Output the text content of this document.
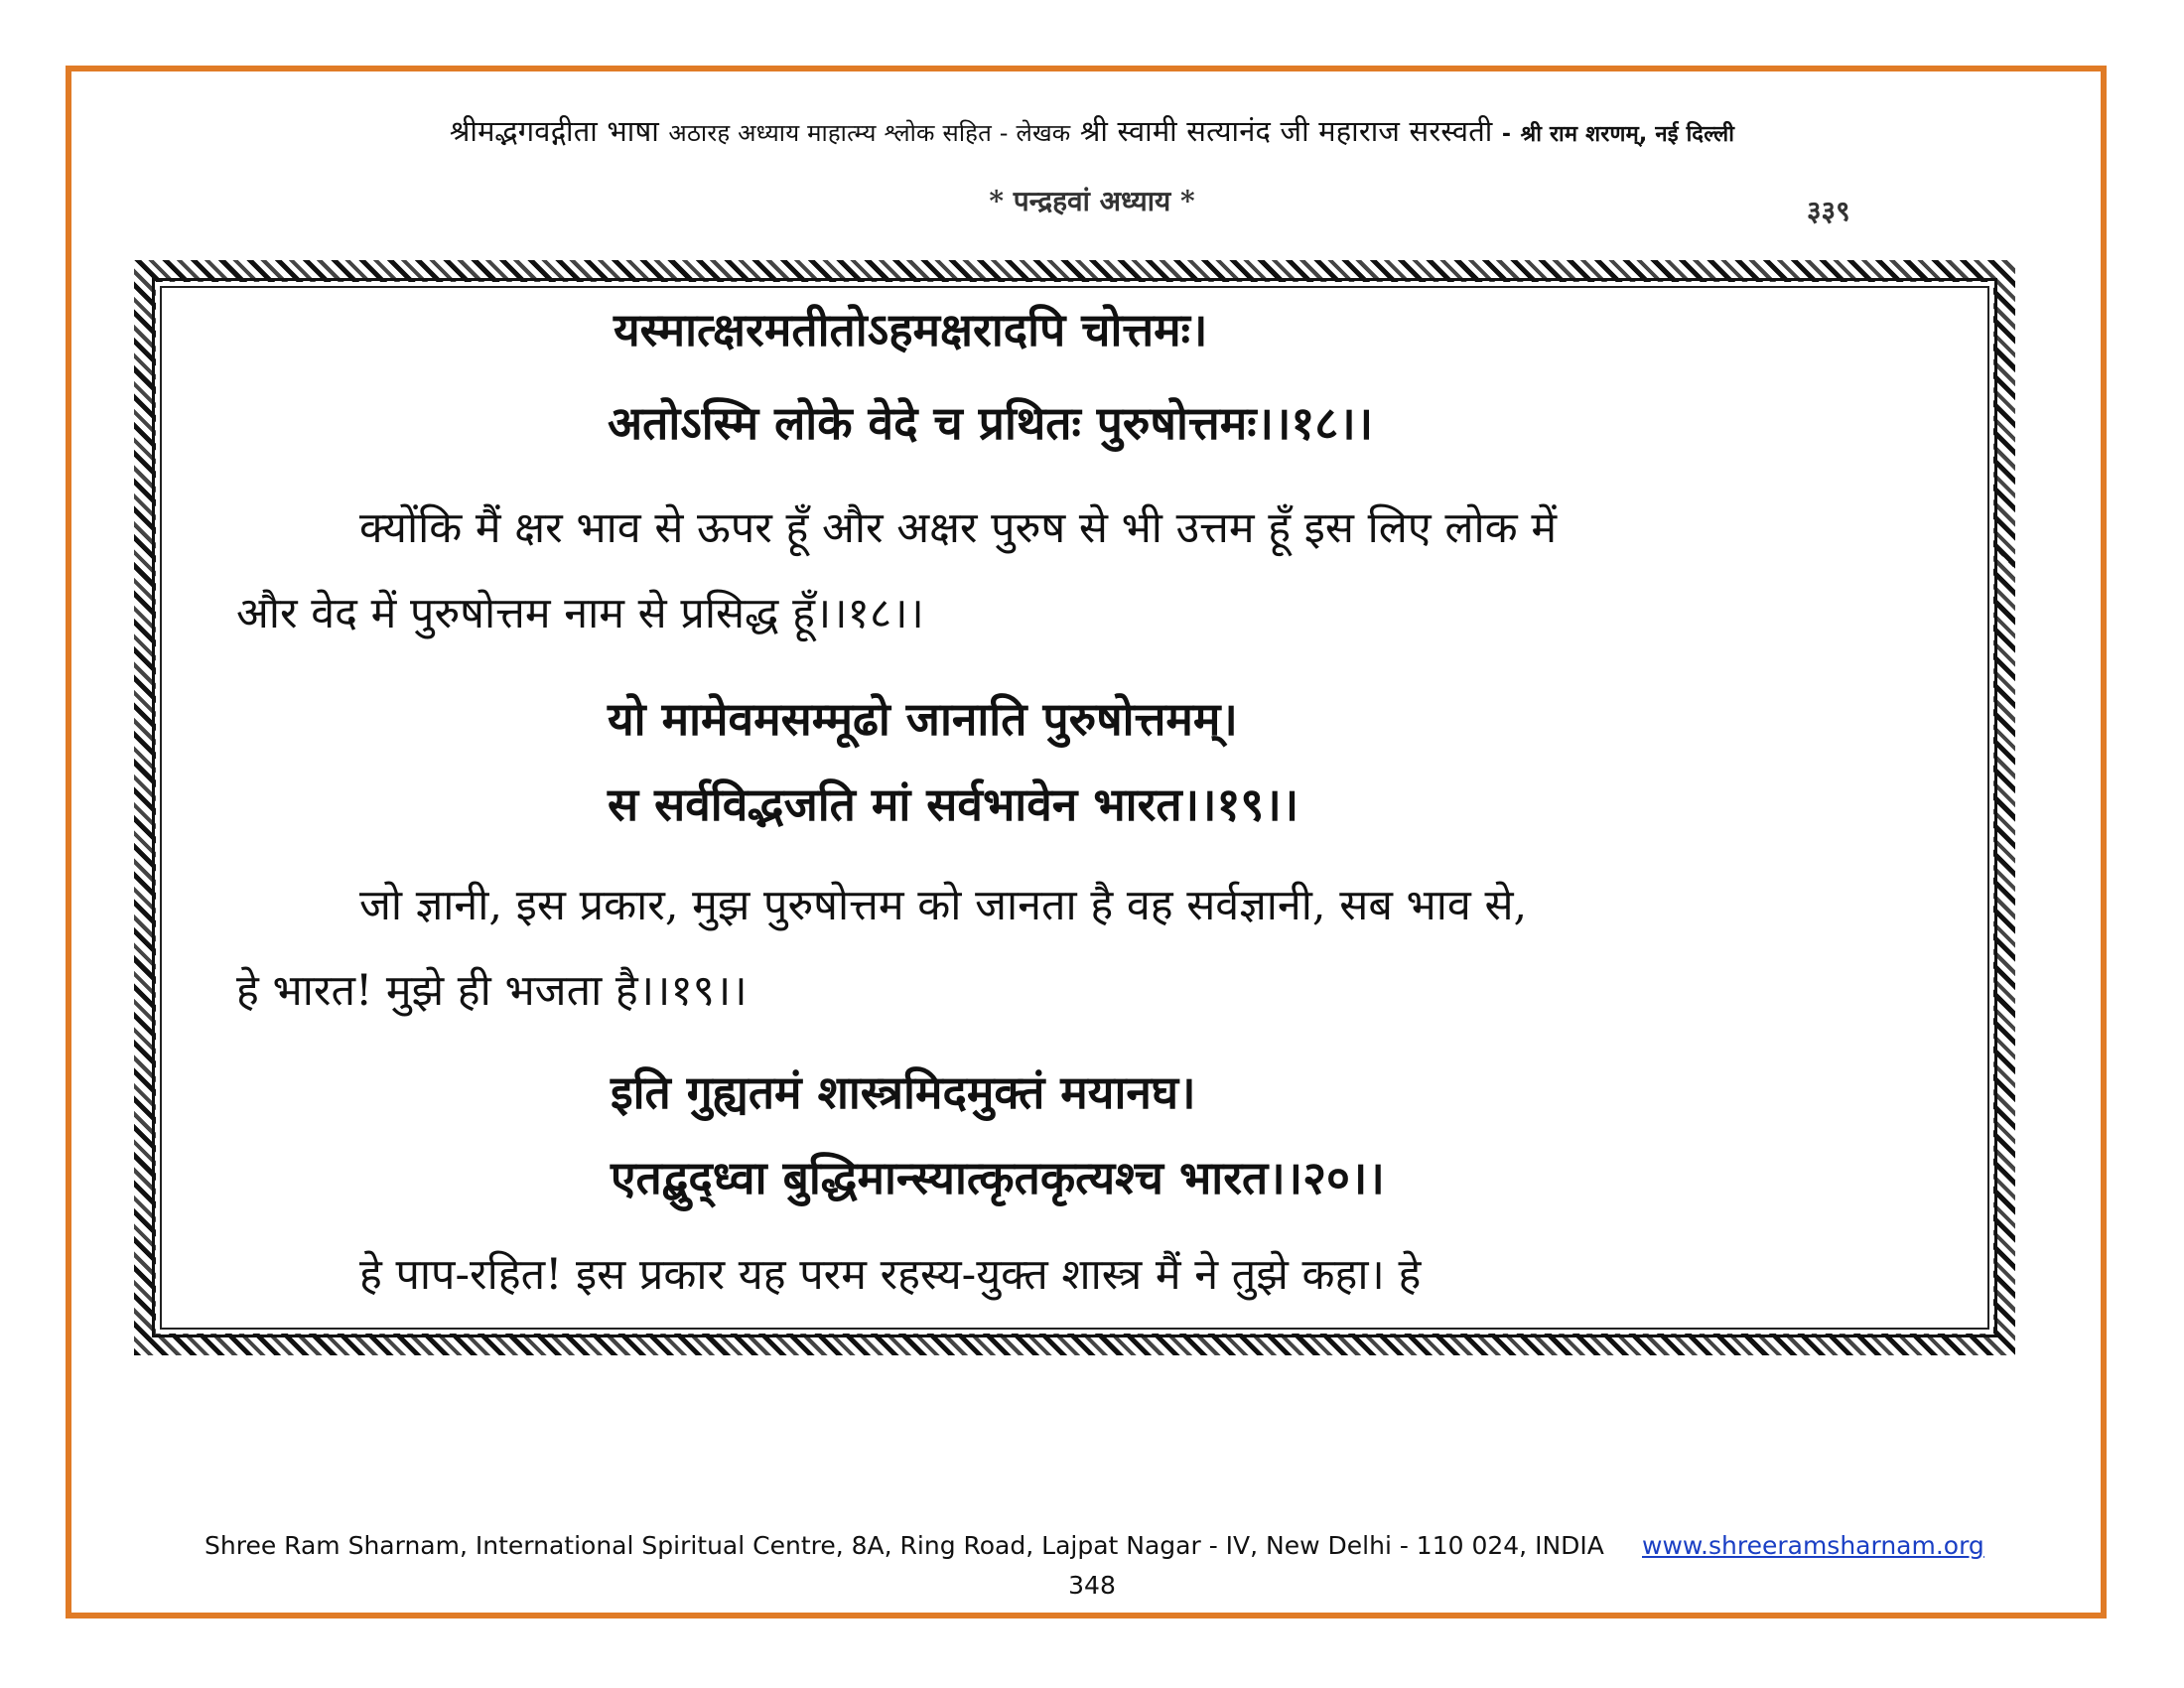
श्रीमद्भगवद्गीता भाषा अठारह अध्याय माहात्म्य श्लोक सहित - लेखक श्री स्वामी सत्यानंद जी महाराज सरस्वती - श्री राम शरणम्, नई दिल्ली
* पन्द्रहवां अध्याय *	३३९
यस्मात्क्षरमतीतोऽहमक्षरादपि चोत्तमः।
अतोऽस्मि लोके वेदे च प्रथितः पुरुषोत्तमः।।१८।।
क्योंकि मैं क्षर भाव से ऊपर हूँ और अक्षर पुरुष से भी उत्तम हूँ इस लिए लोक में
और वेद में पुरुषोत्तम नाम से प्रसिद्ध हूँ।।१८।।
यो मामेवमसम्मूढो जानाति पुरुषोत्तमम्।
स सर्वविद्भजति मां सर्वभावेन भारत।।१९।।
जो ज्ञानी, इस प्रकार, मुझ पुरुषोत्तम को जानता है वह सर्वज्ञानी, सब भाव से,
हे भारत! मुझे ही भजता है।।१९।।
इति गुह्यतमं शास्त्रमिदमुक्तं मयानघ।
एतद्बुद्ध्वा बुद्धिमान्स्यात्कृतकृत्यश्च भारत।।२०।।
हे पाप-रहित! इस प्रकार यह परम रहस्य-युक्त शास्त्र मैं ने तुझे कहा। हे
Shree Ram Sharnam, International Spiritual Centre, 8A, Ring Road, Lajpat Nagar - IV, New Delhi - 110 024, INDIA www.shreeramsharnam.org
348
